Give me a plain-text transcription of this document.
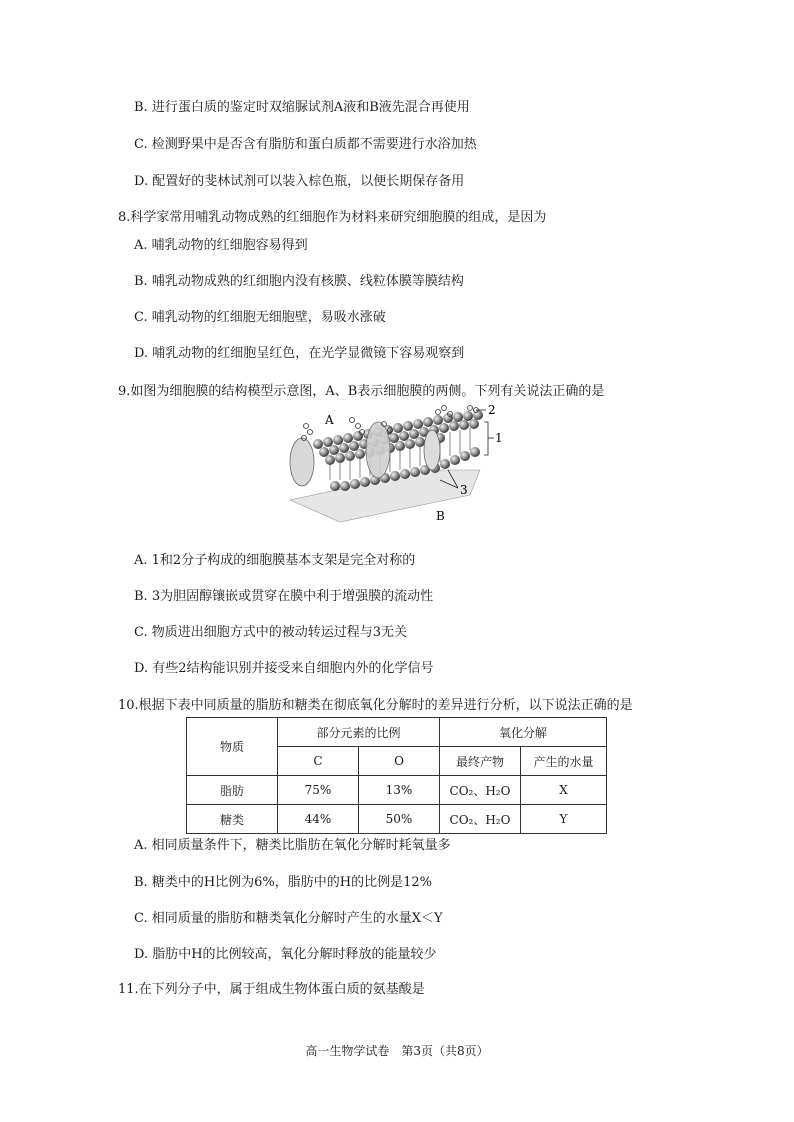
B. 进行蛋白质的鉴定时双缩脲试剂A液和B液先混合再使用
C. 检测野果中是否含有脂肪和蛋白质都不需要进行水浴加热
D. 配置好的斐林试剂可以装入棕色瓶，以便长期保存备用
8.科学家常用哺乳动物成熟的红细胞作为材料来研究细胞膜的组成，是因为
A. 哺乳动物的红细胞容易得到
B. 哺乳动物成熟的红细胞内没有核膜、线粒体膜等膜结构
C. 哺乳动物的红细胞无细胞壁，易吸水涨破
D. 哺乳动物的红细胞呈红色，在光学显微镜下容易观察到
9.如图为细胞膜的结构模型示意图，A、B表示细胞膜的两侧。下列有关说法正确的是
A
2
1
3
B
A. 1和2分子构成的细胞膜基本支架是完全对称的
B. 3为胆固醇镶嵌或贯穿在膜中利于增强膜的流动性
C. 物质进出细胞方式中的被动转运过程与3无关
D. 有些2结构能识别并接受来自细胞内外的化学信号
10.根据下表中同质量的脂肪和糖类在彻底氧化分解时的差异进行分析，以下说法正确的是
物质	部分元素的比例		氧化分解	
	C	O	最终产物	产生的水量
脂肪	75%	13%	CO₂、H₂O	X
糖类	44%	50%	CO₂、H₂O	Y
A. 相同质量条件下，糖类比脂肪在氧化分解时耗氧量多
B. 糖类中的H比例为6%，脂肪中的H的比例是12%
C. 相同质量的脂肪和糖类氧化分解时产生的水量X＜Y
D. 脂肪中H的比例较高，氧化分解时释放的能量较少
11.在下列分子中，属于组成生物体蛋白质的氨基酸是
高一生物学试卷　第3页（共8页）
